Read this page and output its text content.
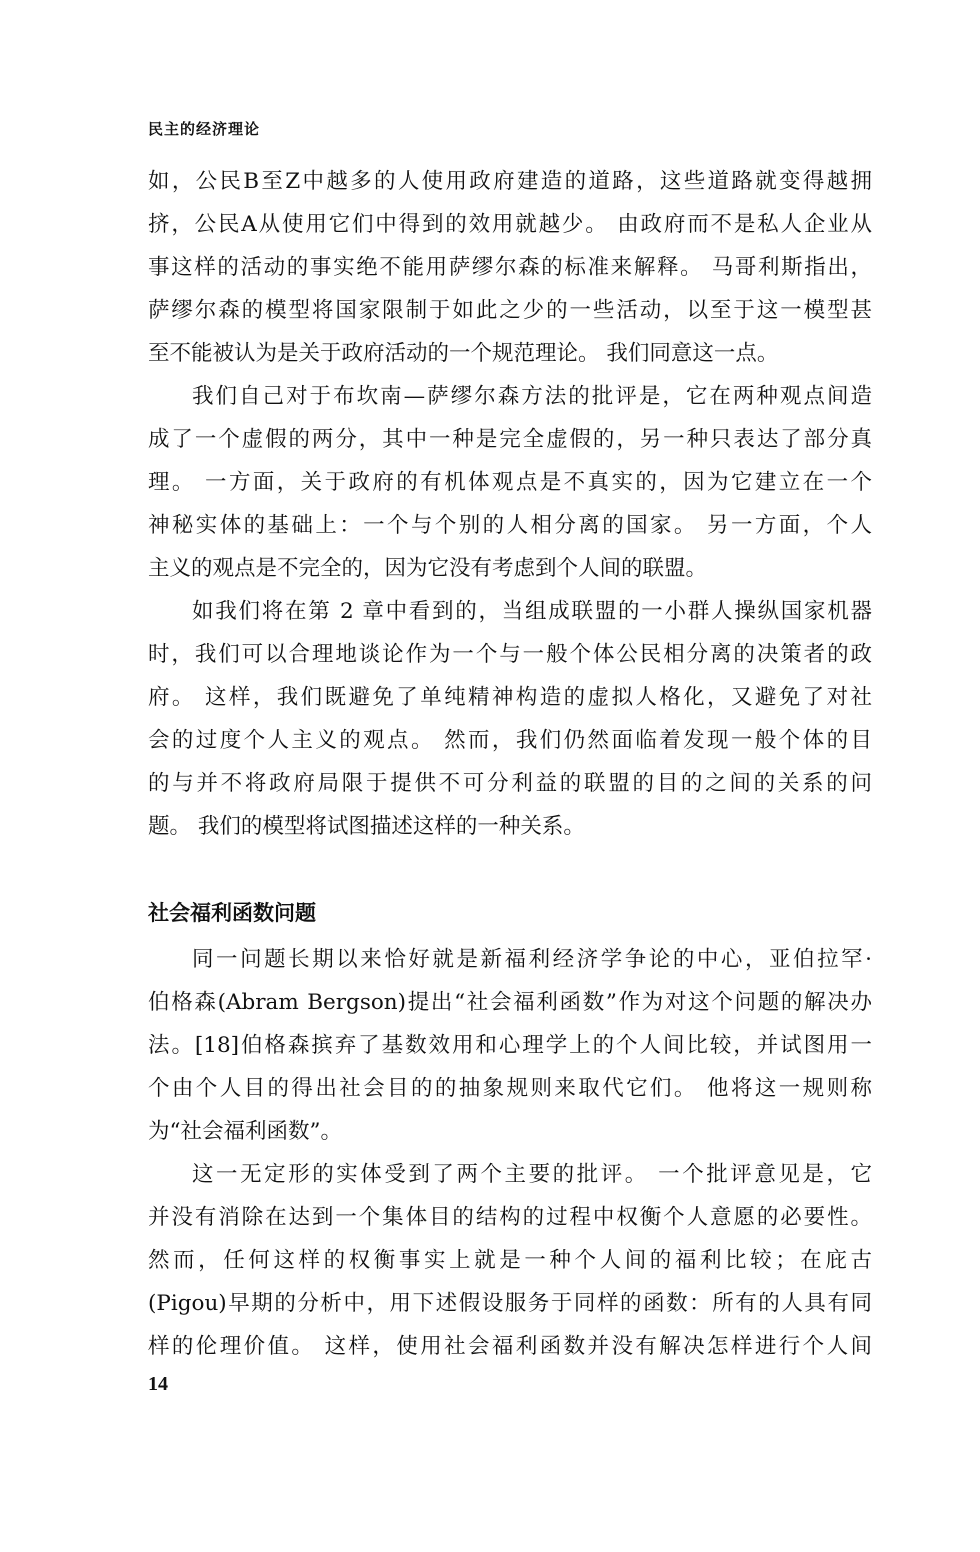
民主的经济理论
如，公民B至Z中越多的人使用政府建造的道路，这些道路就变得越拥
挤，公民A从使用它们中得到的效用就越少。 由政府而不是私人企业从
事这样的活动的事实绝不能用萨缪尔森的标准来解释。 马哥利斯指出，
萨缪尔森的模型将国家限制于如此之少的一些活动，以至于这一模型甚
至不能被认为是关于政府活动的一个规范理论。 我们同意这一点。
我们自己对于布坎南—萨缪尔森方法的批评是，它在两种观点间造
成了一个虚假的两分，其中一种是完全虚假的，另一种只表达了部分真
理。 一方面，关于政府的有机体观点是不真实的，因为它建立在一个
神秘实体的基础上：一个与个别的人相分离的国家。 另一方面，个人
主义的观点是不完全的，因为它没有考虑到个人间的联盟。
如我们将在第 2 章中看到的，当组成联盟的一小群人操纵国家机器
时，我们可以合理地谈论作为一个与一般个体公民相分离的决策者的政
府。 这样，我们既避免了单纯精神构造的虚拟人格化，又避免了对社
会的过度个人主义的观点。 然而，我们仍然面临着发现一般个体的目
的与并不将政府局限于提供不可分利益的联盟的目的之间的关系的问
题。 我们的模型将试图描述这样的一种关系。
社会福利函数问题
同一问题长期以来恰好就是新福利经济学争论的中心，亚伯拉罕·
伯格森(Abram Bergson)提出“社会福利函数”作为对这个问题的解决办
法。[18]伯格森摈弃了基数效用和心理学上的个人间比较，并试图用一
个由个人目的得出社会目的的抽象规则来取代它们。 他将这一规则称
为“社会福利函数”。
这一无定形的实体受到了两个主要的批评。 一个批评意见是，它
并没有消除在达到一个集体目的结构的过程中权衡个人意愿的必要性。
然而，任何这样的权衡事实上就是一种个人间的福利比较；在庇古
(Pigou)早期的分析中，用下述假设服务于同样的函数：所有的人具有同
样的伦理价值。 这样，使用社会福利函数并没有解决怎样进行个人间
14
